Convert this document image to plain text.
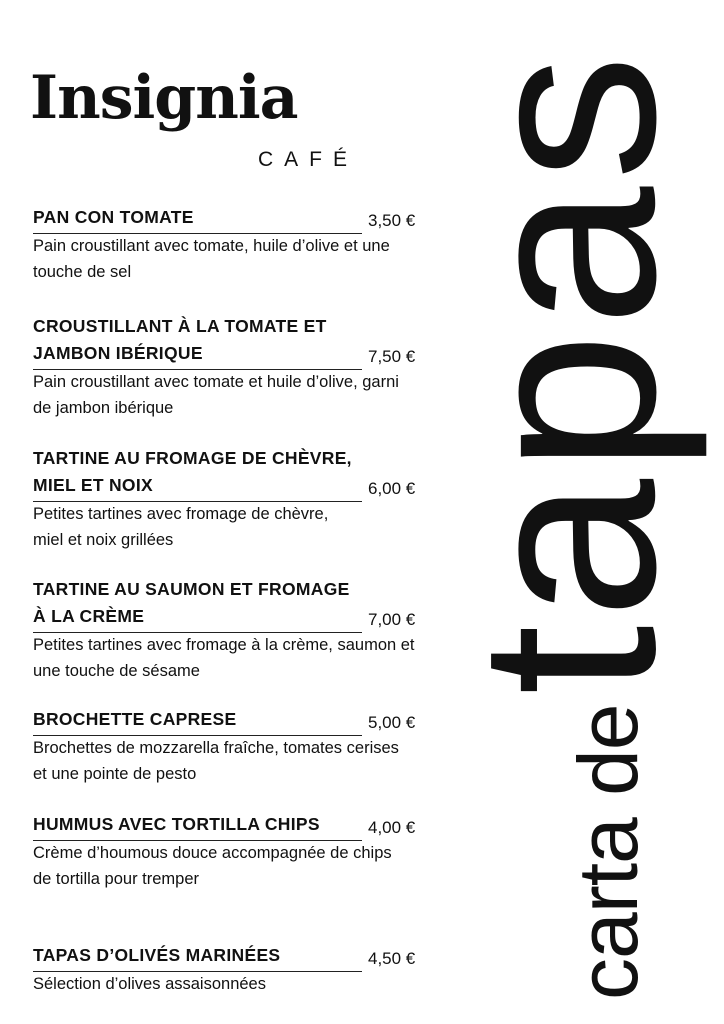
Insignia
CAFÉ tapas
carta de
PAN CON TOMATE	3,50 €
Pain croustillant avec tomate, huile d’olive et une touche de sel
CROUSTILLANT À LA TOMATE ET JAMBON IBÉRIQUE	7,50 €
Pain croustillant avec tomate et huile d’olive, garni de jambon ibérique
TARTINE AU FROMAGE DE CHÈVRE, MIEL ET NOIX	6,00 €
Petites tartines avec fromage de chèvre, miel et noix grillées
TARTINE AU SAUMON ET FROMAGE À LA CRÈME	7,00 €
Petites tartines avec fromage à la crème, saumon et une touche de sésame
BROCHETTE CAPRESE	5,00 €
Brochettes de mozzarella fraîche, tomates cerises et une pointe de pesto
HUMMUS AVEC TORTILLA CHIPS	4,00 €
Crème d’houmous douce accompagnée de chips de tortilla pour tremper
TAPAS D’OLIVÉS MARINÉES	4,50 €
Sélection d’olives assaisonnées
